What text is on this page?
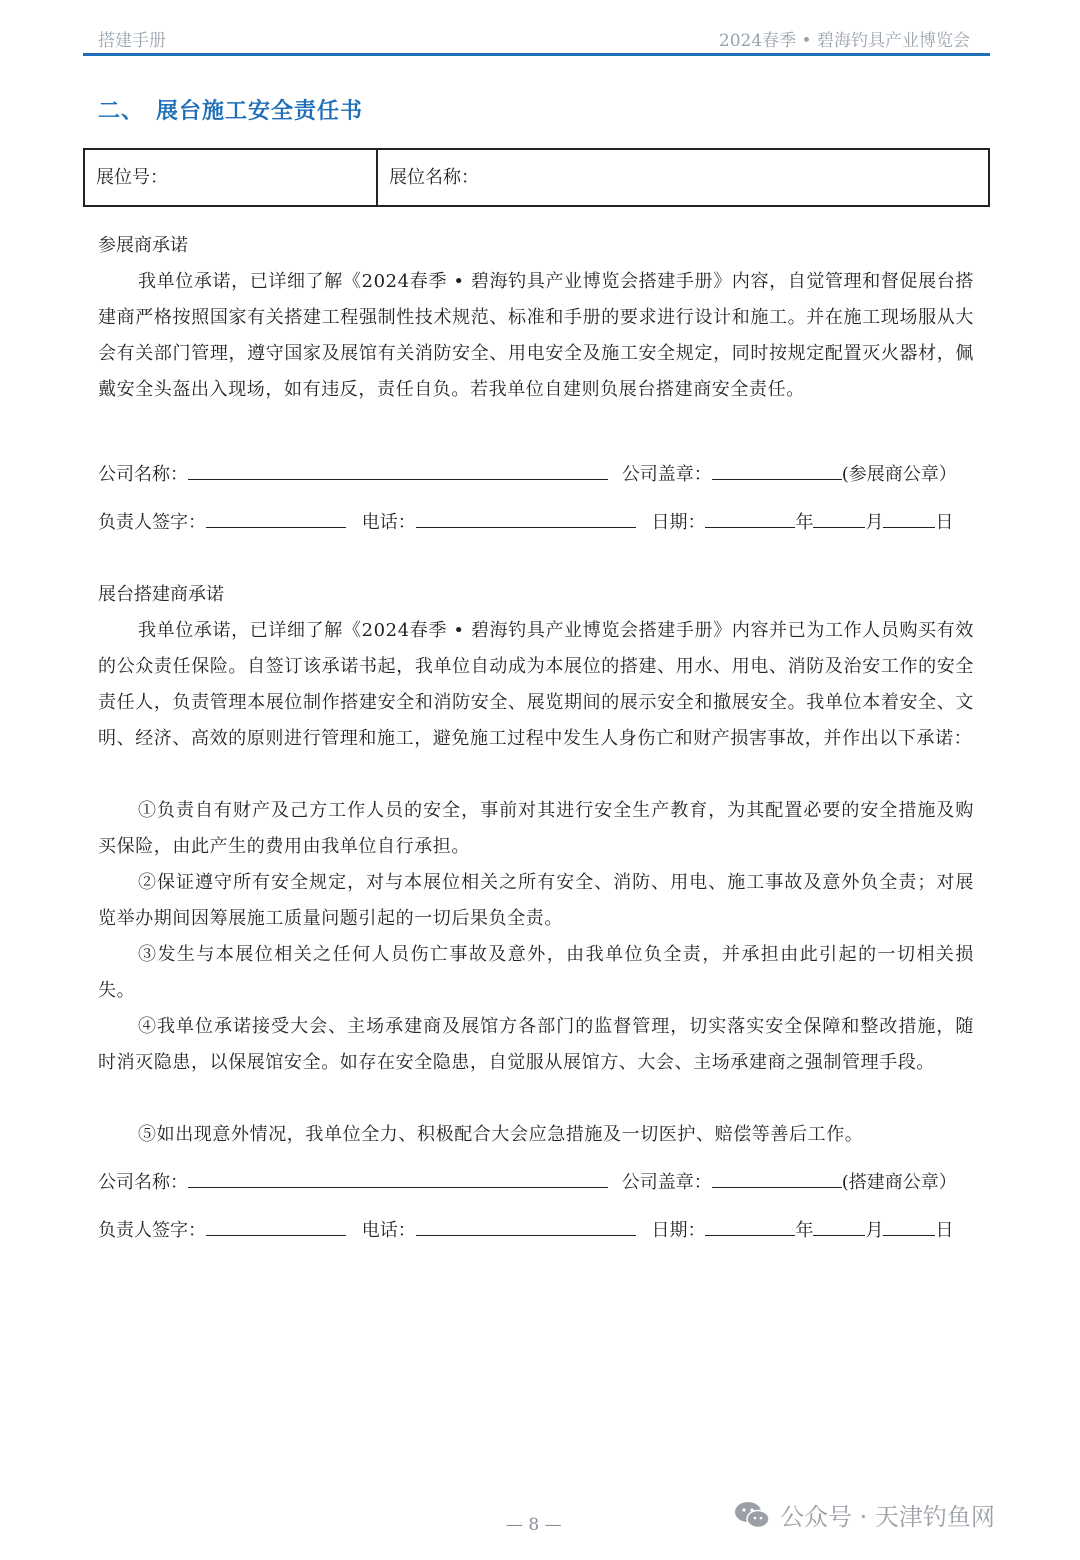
搭建手册	2024春季 • 碧海钓具产业博览会
二、 展台施工安全责任书
展位号：	展位名称：
参展商承诺
我单位承诺，已详细了解《2024春季 • 碧海钓具产业博览会搭建手册》内容，自觉管理和督促展台搭建商严格按照国家有关搭建工程强制性技术规范、标准和手册的要求进行设计和施工。并在施工现场服从大会有关部门管理，遵守国家及展馆有关消防安全、用电安全及施工安全规定，同时按规定配置灭火器材，佩戴安全头盔出入现场，如有违反，责任自负。若我单位自建则负展台搭建商安全责任。
公司名称：	公司盖章：	(参展商公章）
负责人签字：	电话：	日期：	年	月	日
展台搭建商承诺
我单位承诺，已详细了解《2024春季 • 碧海钓具产业博览会搭建手册》内容并已为工作人员购买有效的公众责任保险。自签订该承诺书起，我单位自动成为本展位的搭建、用水、用电、消防及治安工作的安全责任人，负责管理本展位制作搭建安全和消防安全、展览期间的展示安全和撤展安全。我单位本着安全、文明、经济、高效的原则进行管理和施工，避免施工过程中发生人身伤亡和财产损害事故，并作出以下承诺：
①负责自有财产及己方工作人员的安全，事前对其进行安全生产教育，为其配置必要的安全措施及购买保险，由此产生的费用由我单位自行承担。
②保证遵守所有安全规定，对与本展位相关之所有安全、消防、用电、施工事故及意外负全责；对展览举办期间因筹展施工质量问题引起的一切后果负全责。
③发生与本展位相关之任何人员伤亡事故及意外，由我单位负全责，并承担由此引起的一切相关损失。
④我单位承诺接受大会、主场承建商及展馆方各部门的监督管理，切实落实安全保障和整改措施，随时消灭隐患，以保展馆安全。如存在安全隐患，自觉服从展馆方、大会、主场承建商之强制管理手段。
⑤如出现意外情况，我单位全力、积极配合大会应急措施及一切医护、赔偿等善后工作。
公司名称：	公司盖章：	(搭建商公章）
负责人签字：	电话：	日期：	年	月	日
— 8 —	公众号 · 天津钓鱼网
